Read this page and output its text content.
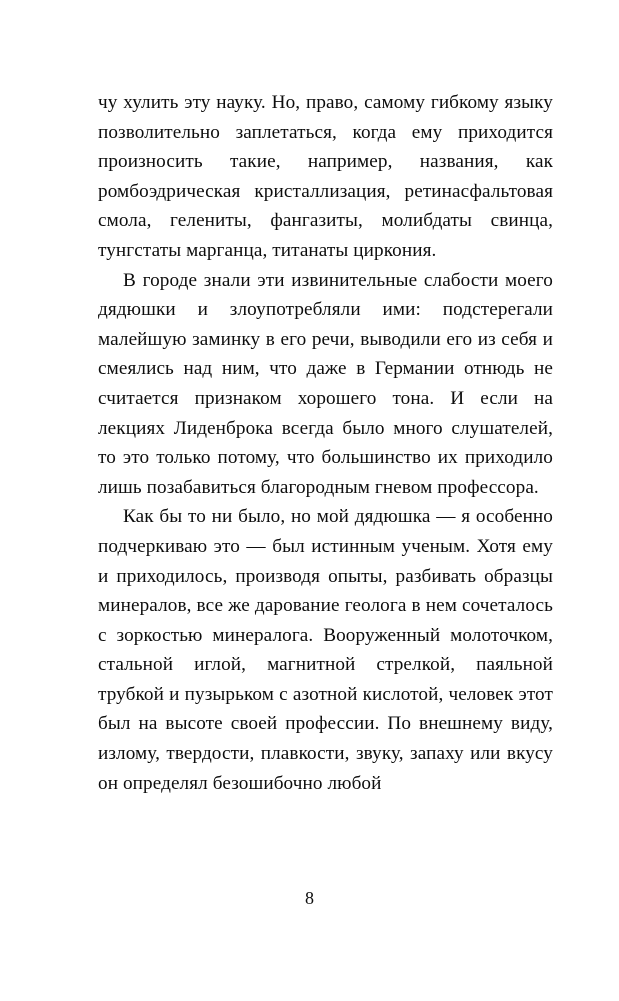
чу хулить эту науку. Но, право, самому гибкому языку позволительно заплетаться, когда ему приходится произносить такие, например, названия, как ромбоэдрическая кристаллизация, ретинасфальтовая смола, гелениты, фангазиты, молибдаты свинца, тунгстаты марганца, титанаты циркония.

В городе знали эти извинительные слабости моего дядюшки и злоупотребляли ими: подстерегали малейшую заминку в его речи, выводили его из себя и смеялись над ним, что даже в Германии отнюдь не считается признаком хорошего тона. И если на лекциях Лиденброка всегда было много слушателей, то это только потому, что большинство их приходило лишь позабавиться благородным гневом профессора.

Как бы то ни было, но мой дядюшка — я особенно подчеркиваю это — был истинным ученым. Хотя ему и приходилось, производя опыты, разбивать образцы минералов, все же дарование геолога в нем сочеталось с зоркостью минералога. Вооруженный молоточком, стальной иглой, магнитной стрелкой, паяльной трубкой и пузырьком с азотной кислотой, человек этот был на высоте своей профессии. По внешнему виду, излому, твердости, плавкости, звуку, запаху или вкусу он определял безошибочно любой

8
